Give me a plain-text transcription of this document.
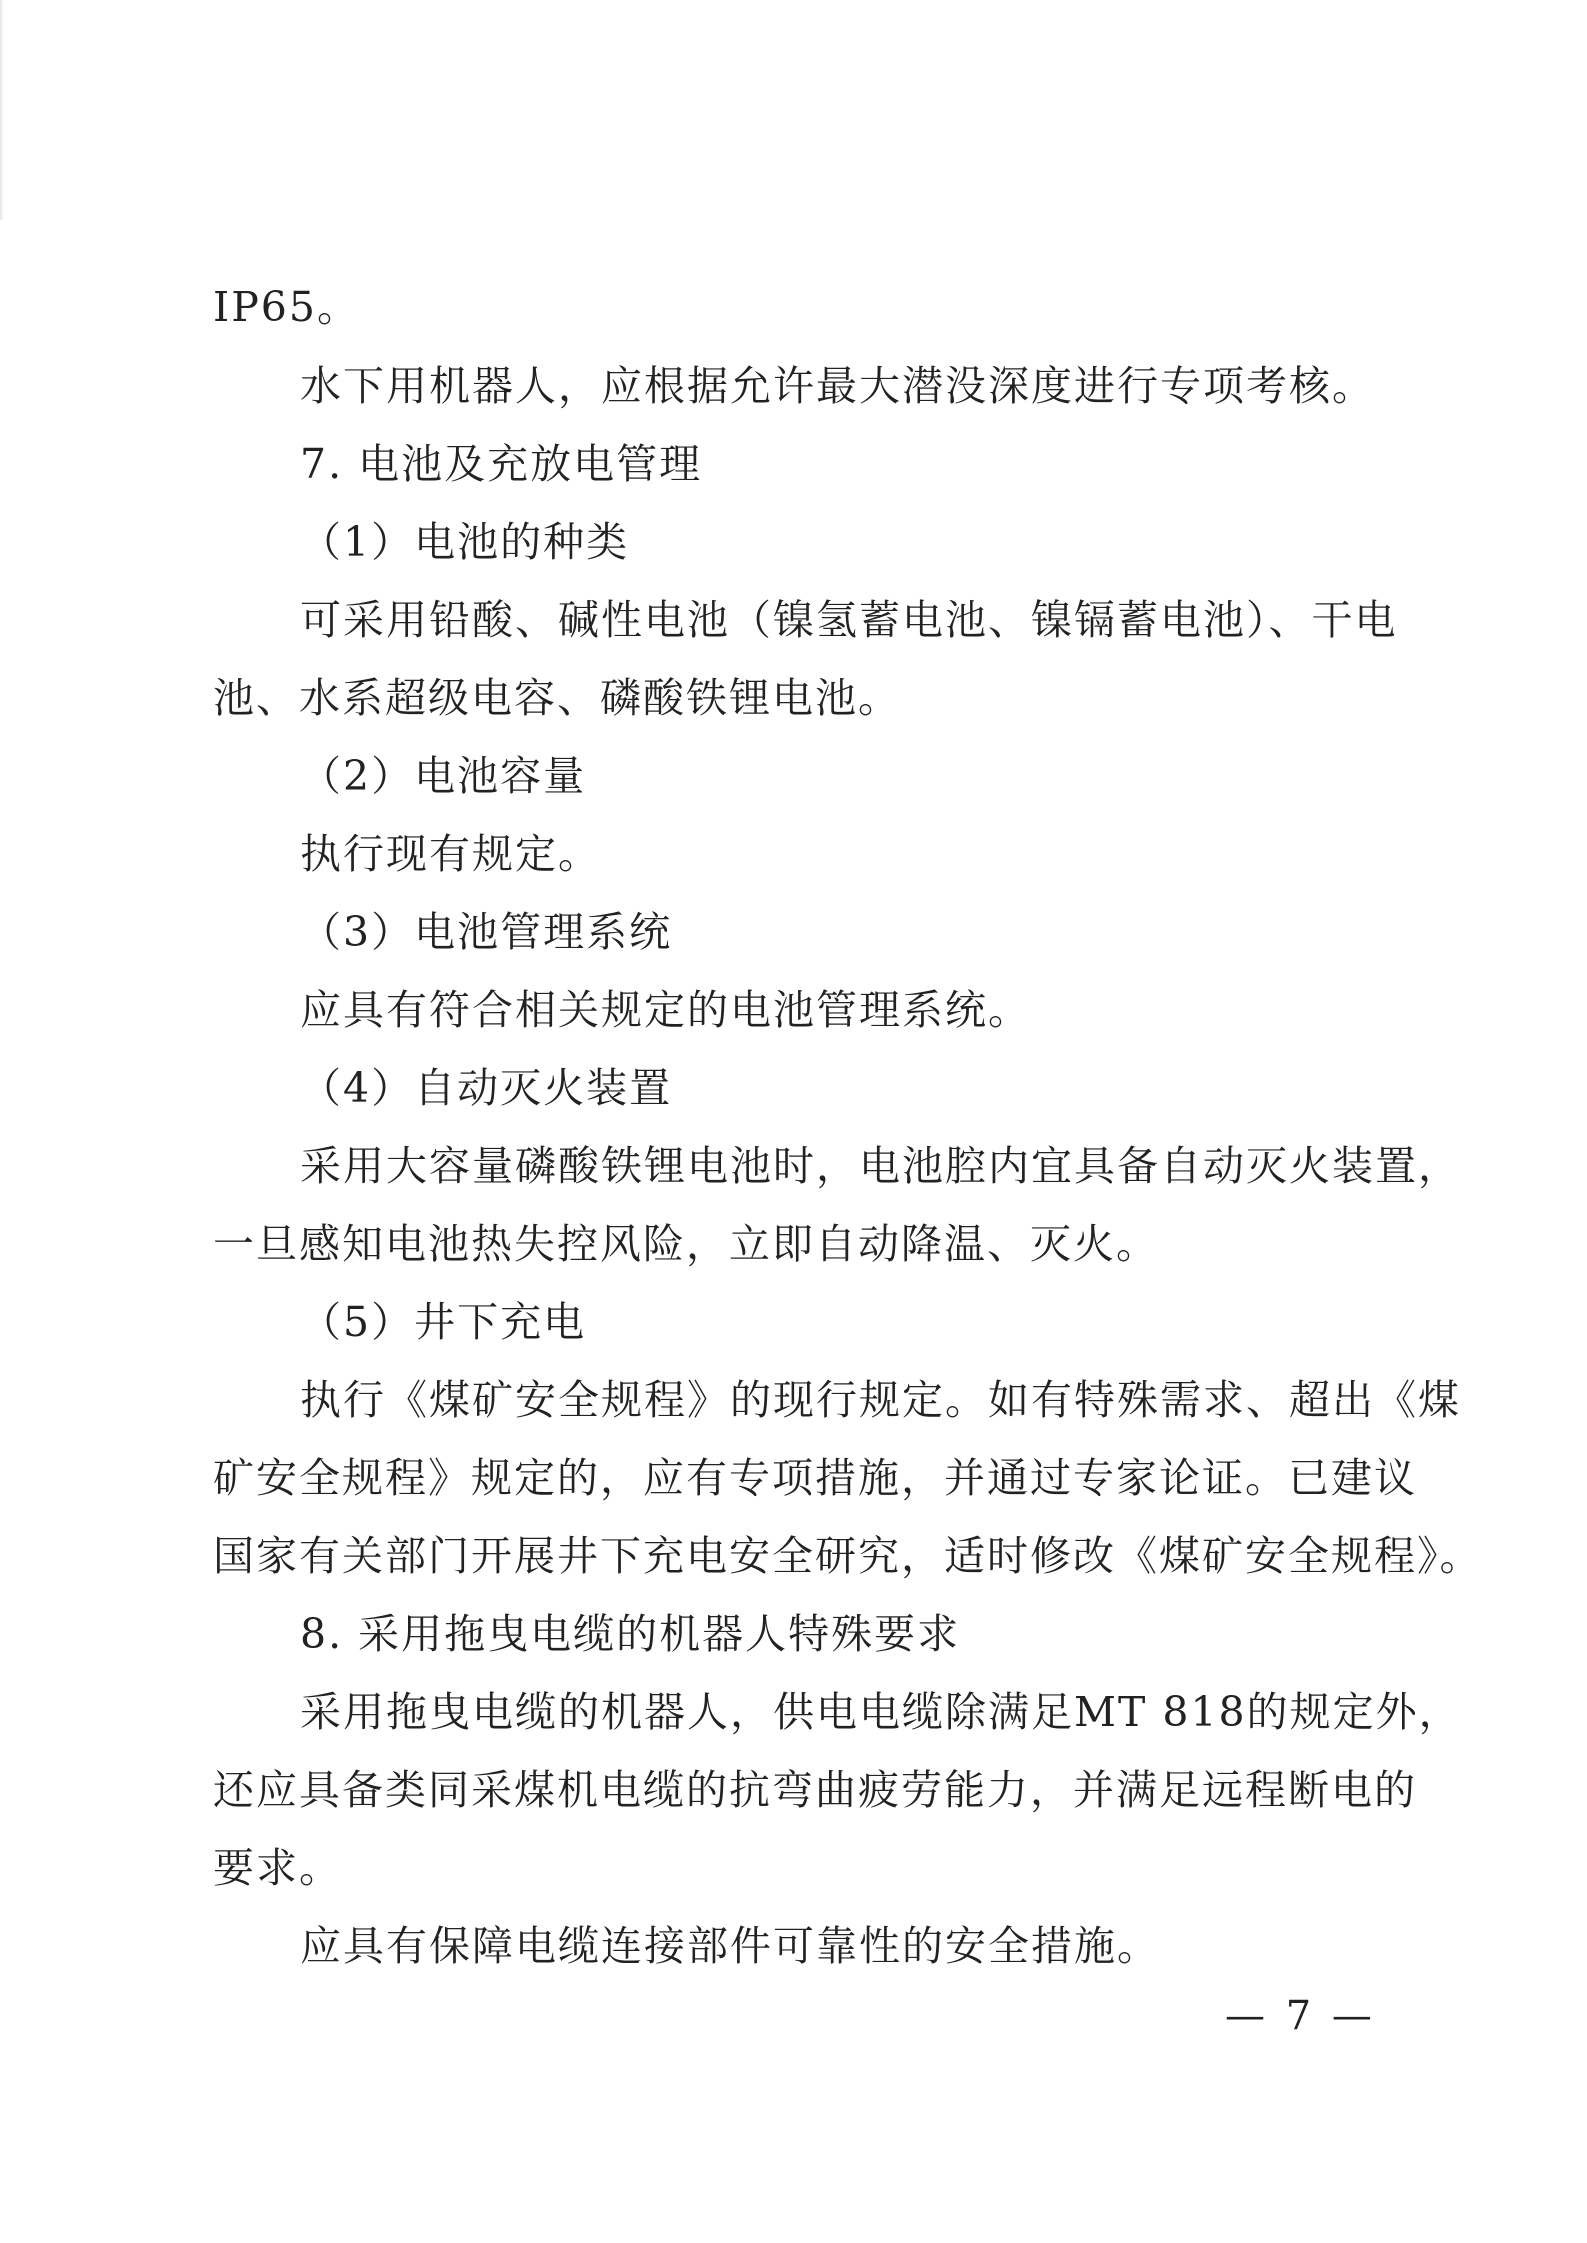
IP65。
水下用机器人，应根据允许最大潜没深度进行专项考核。
7. 电池及充放电管理
（1）电池的种类
可采用铅酸、碱性电池（镍氢蓄电池、镍镉蓄电池）、干电
池、水系超级电容、磷酸铁锂电池。
（2）电池容量
执行现有规定。
（3）电池管理系统
应具有符合相关规定的电池管理系统。
（4）自动灭火装置
采用大容量磷酸铁锂电池时，电池腔内宜具备自动灭火装置，
一旦感知电池热失控风险，立即自动降温、灭火。
（5）井下充电
执行《煤矿安全规程》的现行规定。如有特殊需求、超出《煤
矿安全规程》规定的，应有专项措施，并通过专家论证。已建议
国家有关部门开展井下充电安全研究，适时修改《煤矿安全规程》。
8. 采用拖曳电缆的机器人特殊要求
采用拖曳电缆的机器人，供电电缆除满足MT 818的规定外，
还应具备类同采煤机电缆的抗弯曲疲劳能力，并满足远程断电的
要求。
应具有保障电缆连接部件可靠性的安全措施。
— 7 —
